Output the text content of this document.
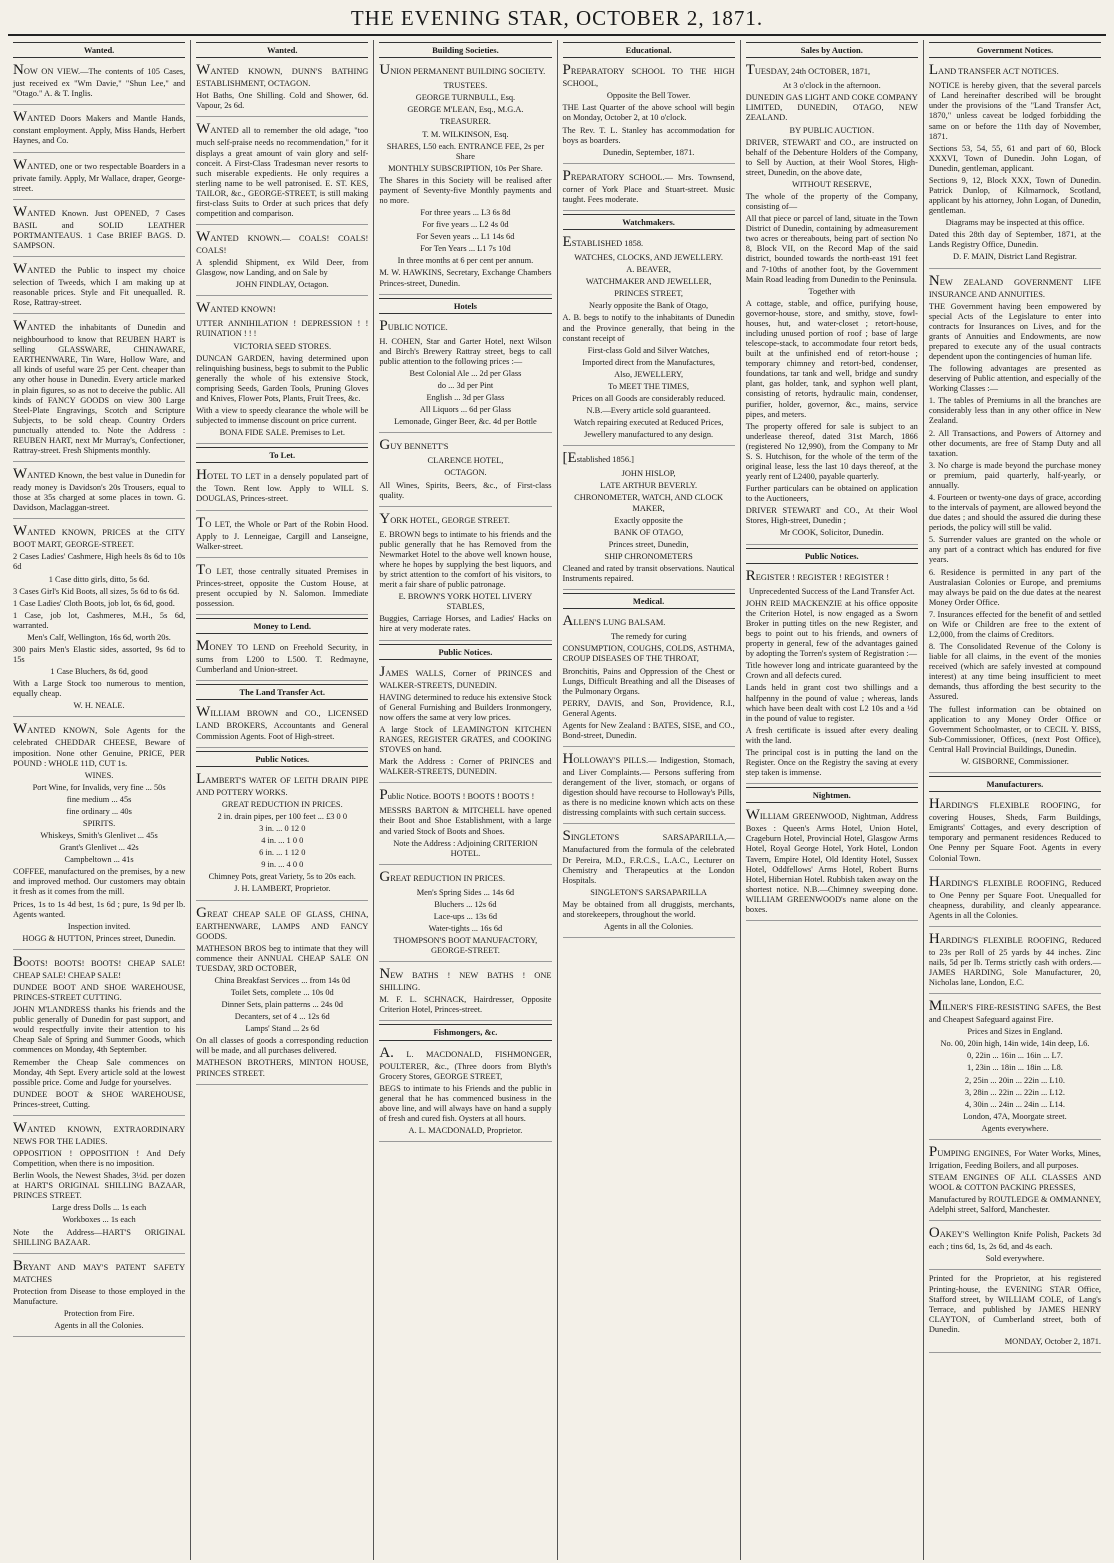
THE EVENING STAR, OCTOBER 2, 1871.
Wanted.

NOW ON VIEW.—The contents of 105 Cases, just received ex "Wm Davie," "Shun Lee," and "Otago." A. & T. Inglis.

WANTED Doors Makers and Mantle Hands, constant employment. Apply, Miss Hands, Herbert Haynes, and Co.

WANTED, one or two respectable Boarders in a private family. Apply, Mr Wallace, draper, George-street.

WANTED Known. Just OPENED, 7 Cases BASIL and SOLID LEATHER PORTMANTEAUS. 1 Case BRIEF BAGS. D. SAMPSON.

WANTED the Public to inspect my choice selection of Tweeds, which I am making up at reasonable prices. Style and Fit unequalled. R. Rose, Rattray-street.

WANTED the inhabitants of Dunedin and neighbourhood to know that REUBEN HART is selling GLASSWARE, CHINAWARE, EARTHENWARE, Tin Ware, Hollow Ware, and all kinds of useful ware 25 per Cent. cheaper than any other house in Dunedin. Every article marked in plain figures, so as not to deceive the public. All kinds of FANCY GOODS on view 300 Large Steel-Plate Engravings, Scotch and Scripture Subjects, to be sold cheap. Country Orders punctually attended to. Note the Address : REUBEN HART, next Mr Murray's, Confectioner, Rattray-street. Fresh Shipments monthly.

WANTED Known, the best value in Dunedin for ready money is Davidson's 20s Trousers, equal to those at 35s charged at some places in town. G. Davidson, Maclaggan-street.

WANTED KNOWN, PRICES at the CITY BOOT MART, GEORGE-STREET.

2 Cases Ladies' Cashmere, High heels 8s 6d to 10s 6d

1 Case ditto girls, ditto, 5s 6d.

3 Cases Girl's Kid Boots, all sizes, 5s 6d to 6s 6d.

1 Case Ladies' Cloth Boots, job lot, 6s 6d, good.

1 Case, job lot, Cashmeres, M.H., 5s 6d, warranted.

Men's Calf, Wellington, 16s 6d, worth 20s.

300 pairs Men's Elastic sides, assorted, 9s 6d to 15s

1 Case Bluchers, 8s 6d, good

With a Large Stock too numerous to mention, equally cheap.

W. H. NEALE.

WANTED KNOWN, Sole Agents for the celebrated CHEDDAR CHEESE, Beware of imposition. None other Genuine, PRICE, PER POUND : WHOLE 11D, CUT 1s.

WINES.

Port Wine, for Invalids, very fine ... 50s

fine medium ... 45s

fine ordinary ... 40s

SPIRITS.

Whiskeys, Smith's Glenlivet ... 45s

Grant's Glenlivet ... 42s

Campbeltown ... 41s

COFFEE, manufactured on the premises, by a new and improved method. Our customers may obtain it fresh as it comes from the mill.

Prices, 1s to 1s 4d best, 1s 6d ; pure, 1s 9d per lb. Agents wanted.

Inspection invited.

HOGG & HUTTON, Princes street, Dunedin.

BOOTS! BOOTS! BOOTS! CHEAP SALE! CHEAP SALE! CHEAP SALE!

DUNDEE BOOT AND SHOE WAREHOUSE, PRINCES-STREET CUTTING.

JOHN M'LANDRESS thanks his friends and the public generally of Dunedin for past support, and would respectfully invite their attention to his Cheap Sale of Spring and Summer Goods, which commences on Monday, 4th September.

Remember the Cheap Sale commences on Monday, 4th Sept. Every article sold at the lowest possible price. Come and Judge for yourselves.

DUNDEE BOOT & SHOE WAREHOUSE, Princes-street, Cutting.

WANTED KNOWN, EXTRAORDINARY NEWS FOR THE LADIES.

OPPOSITION ! OPPOSITION ! And Defy Competition, when there is no imposition.

Berlin Wools, the Newest Shades, 3½d. per dozen at HART'S ORIGINAL SHILLING BAZAAR, PRINCES STREET.

Large dress Dolls ... 1s each

Workboxes ... 1s each

Note the Address—HART'S ORIGINAL SHILLING BAZAAR.

BRYANT AND MAY'S PATENT SAFETY MATCHES

Protection from Disease to those employed in the Manufacture.

Protection from Fire.

Agents in all the Colonies.

Wanted.

WANTED KNOWN, DUNN'S BATHING ESTABLISHMENT, OCTAGON.

Hot Baths, One Shilling. Cold and Shower, 6d. Vapour, 2s 6d.

WANTED all to remember the old adage, "too much self-praise needs no recommendation," for it displays a great amount of vain glory and self-conceit. A First-Class Tradesman never resorts to such miserable expedients. He only requires a sterling name to be well patronised. E. ST. KES, TAILOR, &c., GEORGE-STREET, is still making first-class Suits to Order at such prices that defy competition and comparison.

WANTED KNOWN.— COALS! COALS! COALS!

A splendid Shipment, ex Wild Deer, from Glasgow, now Landing, and on Sale by

JOHN FINDLAY, Octagon.

WANTED KNOWN!

UTTER ANNIHILATION ! DEPRESSION ! ! RUINATION ! ! !

VICTORIA SEED STORES.

DUNCAN GARDEN, having determined upon relinquishing business, begs to submit to the Public generally the whole of his extensive Stock, comprising Seeds, Garden Tools, Pruning Gloves and Knives, Flower Pots, Plants, Fruit Trees, &c.

With a view to speedy clearance the whole will be subjected to immense discount on price current.

BONA FIDE SALE. Premises to Let.

To Let.

HOTEL TO LET in a densely populated part of the Town. Rent low. Apply to WILL S. DOUGLAS, Princes-street.

TO LET, the Whole or Part of the Robin Hood. Apply to J. Lenneigae, Cargill and Lanseigne, Walker-street.

TO LET, those centrally situated Premises in Princes-street, opposite the Custom House, at present occupied by N. Salomon. Immediate possession.

Money to Lend.

MONEY TO LEND on Freehold Security, in sums from L200 to L500. T. Redmayne, Cumberland and Union-street.

The Land Transfer Act.

WILLIAM BROWN and CO., LICENSED LAND BROKERS, Accountants and General Commission Agents. Foot of High-street.

Public Notices.

LAMBERT'S WATER OF LEITH DRAIN PIPE AND POTTERY WORKS.

GREAT REDUCTION IN PRICES.

2 in. drain pipes, per 100 feet ... £3 0 0

3 in. ... 0 12 0

4 in. ... 1 0 0

6 in. ... 1 12 0

9 in. ... 4 0 0

Chimney Pots, great Variety, 5s to 20s each.

J. H. LAMBERT, Proprietor.

GREAT CHEAP SALE OF GLASS, CHINA, EARTHENWARE, LAMPS AND FANCY GOODS.

MATHESON BROS beg to intimate that they will commence their ANNUAL CHEAP SALE ON TUESDAY, 3RD OCTOBER,

China Breakfast Services ... from 14s 0d

Toilet Sets, complete ... 10s 0d

Dinner Sets, plain patterns ... 24s 0d

Decanters, set of 4 ... 12s 6d

Lamps' Stand ... 2s 6d

On all classes of goods a corresponding reduction will be made, and all purchases delivered.

MATHESON BROTHERS, MINTON HOUSE, PRINCES STREET.

Building Societies.

UNION PERMANENT BUILDING SOCIETY.

TRUSTEES.

GEORGE TURNBULL, Esq.

GEORGE M'LEAN, Esq., M.G.A.

TREASURER.

T. M. WILKINSON, Esq.

SHARES, L50 each. ENTRANCE FEE, 2s per Share

MONTHLY SUBSCRIPTION, 10s Per Share.

The Shares in this Society will be realised after payment of Seventy-five Monthly payments and no more.

For three years ... L3 6s 8d

For five years ... L2 4s 0d

For Seven years ... L1 14s 6d

For Ten Years ... L1 7s 10d

In three months at 6 per cent per annum.

M. W. HAWKINS, Secretary, Exchange Chambers Princes-street, Dunedin.

Hotels

PUBLIC NOTICE.

H. COHEN, Star and Garter Hotel, next Wilson and Birch's Brewery Rattray street, begs to call public attention to the following prices :—

Best Colonial Ale ... 2d per Glass

do ... 3d per Pint

English ... 3d per Glass

All Liquors ... 6d per Glass

Lemonade, Ginger Beer, &c. 4d per Bottle

GUY BENNETT'S

CLARENCE HOTEL,

OCTAGON.

All Wines, Spirits, Beers, &c., of First-class quality.

YORK HOTEL, GEORGE STREET.

E. BROWN begs to intimate to his friends and the public generally that he has Removed from the Newmarket Hotel to the above well known house, where he hopes by supplying the best liquors, and by strict attention to the comfort of his visitors, to merit a fair share of public patronage.

E. BROWN'S YORK HOTEL LIVERY STABLES,

Buggies, Carriage Horses, and Ladies' Hacks on hire at very moderate rates.

Public Notices.

JAMES WALLS, Corner of PRINCES and WALKER-STREETS, DUNEDIN.

HAVING determined to reduce his extensive Stock of General Furnishing and Builders Ironmongery, now offers the same at very low prices.

A large Stock of LEAMINGTON KITCHEN RANGES, REGISTER GRATES, and COOKING STOVES on hand.

Mark the Address : Corner of PRINCES and WALKER-STREETS, DUNEDIN.

Public Notice. BOOTS ! BOOTS ! BOOTS !

MESSRS BARTON & MITCHELL have opened their Boot and Shoe Establishment, with a large and varied Stock of Boots and Shoes.

Note the Address : Adjoining CRITERION HOTEL.

GREAT REDUCTION IN PRICES.

Men's Spring Sides ... 14s 6d

Bluchers ... 12s 6d

Lace-ups ... 13s 6d

Water-tights ... 16s 6d

THOMPSON'S BOOT MANUFACTORY, GEORGE-STREET.

NEW BATHS ! NEW BATHS ! ONE SHILLING.

M. F. L. SCHNACK, Hairdresser, Opposite Criterion Hotel, Princes-street.

Fishmongers, &c.

A. L. MACDONALD, FISHMONGER, POULTERER, &c., (Three doors from Blyth's Grocery Stores, GEORGE STREET,

BEGS to intimate to his Friends and the public in general that he has commenced business in the above line, and will always have on hand a supply of fresh and cured fish. Oysters at all hours.

A. L. MACDONALD, Proprietor.

Educational.

PREPARATORY SCHOOL TO THE HIGH SCHOOL,

Opposite the Bell Tower.

THE Last Quarter of the above school will begin on Monday, October 2, at 10 o'clock.

The Rev. T. L. Stanley has accommodation for boys as boarders.

Dunedin, September, 1871.

PREPARATORY SCHOOL.— Mrs. Townsend, corner of York Place and Stuart-street. Music taught. Fees moderate.

Watchmakers.

ESTABLISHED 1858.

WATCHES, CLOCKS, AND JEWELLERY.

A. BEAVER,

WATCHMAKER AND JEWELLER,

PRINCES STREET,

Nearly opposite the Bank of Otago,

A. B. begs to notify to the inhabitants of Dunedin and the Province generally, that being in the constant receipt of

First-class Gold and Silver Watches,

Imported direct from the Manufactures,

Also, JEWELLERY,

To MEET THE TIMES,

Prices on all Goods are considerably reduced.

N.B.—Every article sold guaranteed.

Watch repairing executed at Reduced Prices,

Jewellery manufactured to any design.

[Established 1856.]

JOHN HISLOP,

LATE ARTHUR BEVERLY.

CHRONOMETER, WATCH, AND CLOCK MAKER,

Exactly opposite the

BANK OF OTAGO,

Princes street, Dunedin,

SHIP CHRONOMETERS

Cleaned and rated by transit observations. Nautical Instruments repaired.

Medical.

ALLEN'S LUNG BALSAM.

The remedy for curing

CONSUMPTION, COUGHS, COLDS, ASTHMA, CROUP DISEASES OF THE THROAT,

Bronchitis, Pains and Oppression of the Chest or Lungs, Difficult Breathing and all the Diseases of the Pulmonary Organs.

PERRY, DAVIS, and Son, Providence, R.I., General Agents.

Agents for New Zealand : BATES, SISE, and CO., Bond-street, Dunedin.

HOLLOWAY'S PILLS.— Indigestion, Stomach, and Liver Complaints.— Persons suffering from derangement of the liver, stomach, or organs of digestion should have recourse to Holloway's Pills, as there is no medicine known which acts on these distressing complaints with such certain success.

SINGLETON'S SARSAPARILLA,— Manufactured from the formula of the celebrated Dr Pereira, M.D., F.R.C.S., L.A.C., Lecturer on Chemistry and Therapeutics at the London Hospitals.

SINGLETON'S SARSAPARILLA

May be obtained from all druggists, merchants, and storekeepers, throughout the world.

Agents in all the Colonies.

Sales by Auction.

TUESDAY, 24th OCTOBER, 1871,

At 3 o'clock in the afternoon.

DUNEDIN GAS LIGHT AND COKE COMPANY LIMITED, DUNEDIN, OTAGO, NEW ZEALAND.

BY PUBLIC AUCTION.

DRIVER, STEWART and CO., are instructed on behalf of the Debenture Holders of the Company, to Sell by Auction, at their Wool Stores, High-street, Dunedin, on the above date,

WITHOUT RESERVE,

The whole of the property of the Company, consisting of—

All that piece or parcel of land, situate in the Town District of Dunedin, containing by admeasurement two acres or thereabouts, being part of section No 8, Block VII, on the Record Map of the said district, bounded towards the north-east 191 feet and 7-10ths of another foot, by the Government Main Road leading from Dunedin to the Peninsula.

Together with

A cottage, stable, and office, purifying house, governor-house, store, and smithy, stove, fowl-houses, hut, and water-closet ; retort-house, including unused portion of roof ; base of large telescope-stack, to accommodate four retort beds, built at the unfinished end of retort-house ; temporary chimney and retort-bed, condenser, foundations, tar tank and well, bridge and sundry plant, gas holder, tank, and syphon well plant, consisting of retorts, hydraulic main, condenser, purifier, holder, governor, &c., mains, service pipes, and meters.

The property offered for sale is subject to an underlease thereof, dated 31st March, 1866 (registered No 12,990), from the Company to Mr S. S. Hutchison, for the whole of the term of the original lease, less the last 10 days thereof, at the yearly rent of L2400, payable quarterly.

Further particulars can be obtained on application to the Auctioneers,

DRIVER STEWART and CO., At their Wool Stores, High-street, Dunedin ;

Mr COOK, Solicitor, Dunedin.

Public Notices.

REGISTER ! REGISTER ! REGISTER !

Unprecedented Success of the Land Transfer Act.

JOHN REID MACKENZIE at his office opposite the Criterion Hotel, is now engaged as a Sworn Broker in putting titles on the new Register, and begs to point out to his friends, and owners of property in general, few of the advantages gained by adopting the Torren's system of Registration :—

Title however long and intricate guaranteed by the Crown and all defects cured.

Lands held in grant cost two shillings and a halfpenny in the pound of value ; whereas, lands which have been dealt with cost L2 10s and a ½d in the pound of value to register.

A fresh certificate is issued after every dealing with the land.

The principal cost is in putting the land on the Register. Once on the Registry the saving at every step taken is immense.

Nightmen.

WILLIAM GREENWOOD, Nightman, Address Boxes : Queen's Arms Hotel, Union Hotel, Crageburn Hotel, Provincial Hotel, Glasgow Arms Hotel, Royal George Hotel, York Hotel, London Tavern, Empire Hotel, Old Identity Hotel, Sussex Hotel, Oddfellows' Arms Hotel, Robert Burns Hotel, Hibernian Hotel. Rubbish taken away on the shortest notice. N.B.—Chimney sweeping done. WILLIAM GREENWOOD's name alone on the boxes.

Government Notices.

LAND TRANSFER ACT NOTICES.

NOTICE is hereby given, that the several parcels of Land hereinafter described will be brought under the provisions of the "Land Transfer Act, 1870," unless caveat be lodged forbidding the same on or before the 11th day of November, 1871.

Sections 53, 54, 55, 61 and part of 60, Block XXXVI, Town of Dunedin. John Logan, of Dunedin, gentleman, applicant.

Sections 9, 12, Block XXX, Town of Dunedin. Patrick Dunlop, of Kilmarnock, Scotland, applicant by his attorney, John Logan, of Dunedin, gentleman.

Diagrams may be inspected at this office.

Dated this 28th day of September, 1871, at the Lands Registry Office, Dunedin.

D. F. MAIN, District Land Registrar.

NEW ZEALAND GOVERNMENT LIFE INSURANCE AND ANNUITIES.

THE Government having been empowered by special Acts of the Legislature to enter into contracts for Insurances on Lives, and for the grants of Annuities and Endowments, are now prepared to execute any of the usual contracts dependent upon the contingencies of human life.

The following advantages are presented as deserving of Public attention, and especially of the Working Classes :—

1. The tables of Premiums in all the branches are considerably less than in any other office in New Zealand.

2. All Transactions, and Powers of Attorney and other documents, are free of Stamp Duty and all taxation.

3. No charge is made beyond the purchase money or premium, paid quarterly, half-yearly, or annually.

4. Fourteen or twenty-one days of grace, according to the intervals of payment, are allowed beyond the due dates ; and should the assured die during these periods, the policy will still be valid.

5. Surrender values are granted on the whole or any part of a contract which has endured for five years.

6. Residence is permitted in any part of the Australasian Colonies or Europe, and premiums may always be paid on the due dates at the nearest Money Order Office.

7. Insurances effected for the benefit of and settled on Wife or Children are free to the extent of L2,000, from the claims of Creditors.

8. The Consolidated Revenue of the Colony is liable for all claims, in the event of the monies received (which are safely invested at compound interest) at any time being insufficient to meet demands, thus affording the best security to the Assured.

The fullest information can be obtained on application to any Money Order Office or Government Schoolmaster, or to CECIL Y. BISS, Sub-Commissioner, Offices, (next Post Office), Central Hall Provincial Buildings, Dunedin.

W. GISBORNE, Commissioner.

Manufacturers.

HARDING'S FLEXIBLE ROOFING, for covering Houses, Sheds, Farm Buildings, Emigrants' Cottages, and every description of temporary and permanent residences Reduced to One Penny per Square Foot. Agents in every Colonial Town.

HARDING'S FLEXIBLE ROOFING, Reduced to One Penny per Square Foot. Unequalled for cheapness, durability, and cleanly appearance. Agents in all the Colonies.

HARDING'S FLEXIBLE ROOFING, Reduced to 23s per Roll of 25 yards by 44 inches. Zinc nails, 5d per lb. Terms strictly cash with orders.—JAMES HARDING, Sole Manufacturer, 20, Nicholas lane, London, E.C.

MILNER'S FIRE-RESISTING SAFES, the Best and Cheapest Safeguard against Fire.

Prices and Sizes in England.

No. 00, 20in high, 14in wide, 14in deep, L6.

0, 22in ... 16in ... 16in ... L7.

1, 23in ... 18in ... 18in ... L8.

2, 25in ... 20in ... 22in ... L10.

3, 28in ... 22in ... 22in ... L12.

4, 30in ... 24in ... 24in ... L14.

London, 47A, Moorgate street.

Agents everywhere.

PUMPING ENGINES, For Water Works, Mines, Irrigation, Feeding Boilers, and all purposes.

STEAM ENGINES OF ALL CLASSES AND WOOL & COTTON PACKING PRESSES,

Manufactured by ROUTLEDGE & OMMANNEY, Adelphi street, Salford, Manchester.

OAKEY'S Wellington Knife Polish, Packets 3d each ; tins 6d, 1s, 2s 6d, and 4s each.

Sold everywhere.

Printed for the Proprietor, at his registered Printing-house, the EVENING STAR Office, Stafford street, by WILLIAM COLE, of Lang's Terrace, and published by JAMES HENRY CLAYTON, of Cumberland street, both of Dunedin.

MONDAY, October 2, 1871.
